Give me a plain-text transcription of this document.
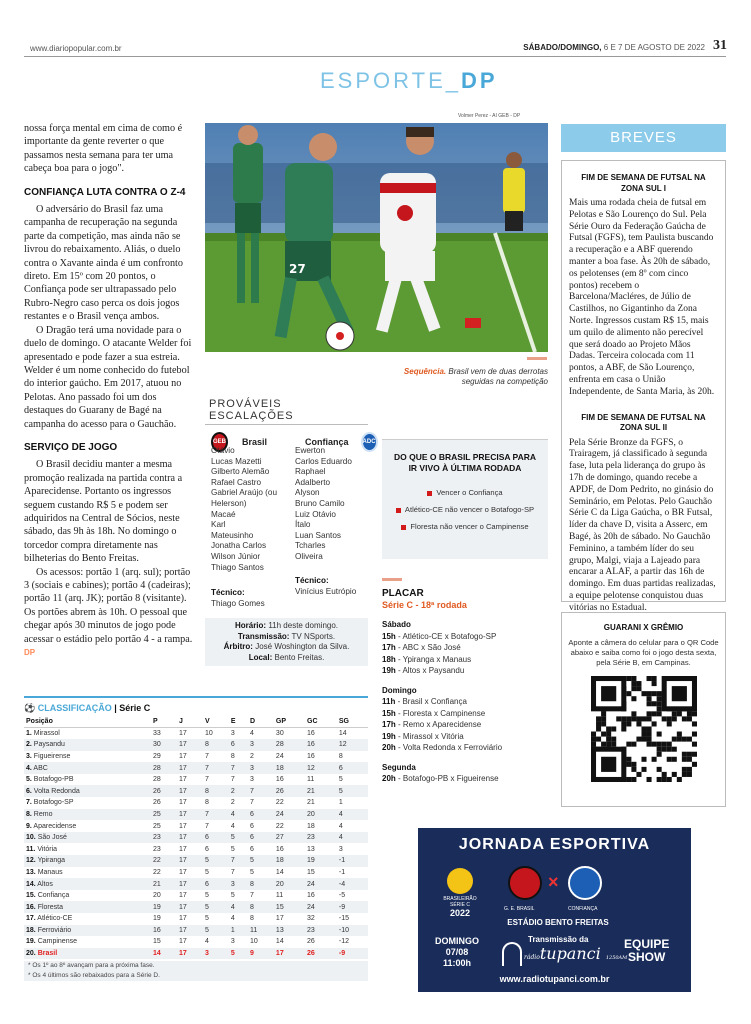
www.diariopopular.com.br	SÁBADO/DOMINGO, 6 E 7 DE AGOSTO DE 2022 31
ESPORTE_DP
nossa força mental em cima de como é importante da gente reverter o que passamos nesta semana para ter uma cabeça boa para o jogo".
CONFIANÇA LUTA CONTRA O Z-4

O adversário do Brasil faz uma campanha de recuperação na segunda parte da competição, mas ainda não se livrou do rebaixamento. Aliás, o duelo contra o Xavante ainda é um confronto direto. Em 15º com 20 pontos, o Confiança pode ser ultrapassado pelo Rubro-Negro caso perca os dois jogos restantes e o Brasil vença ambos.

O Dragão terá uma novidade para o duelo de domingo. O atacante Welder foi apresentado e pode fazer a sua estreia. Welder é um nome conhecido do futebol do interior gaúcho. Em 2017, atuou no Pelotas. Ano passado foi um dos destaques do Guarany de Bagé na campanha do acesso para o Gauchão.

SERVIÇO DE JOGO

O Brasil decidiu manter a mesma promoção realizada na partida contra a Aparecidense. Portanto os ingressos seguem custando R$ 5 e podem ser adquiridos na Central de Sócios, neste sábado, das 9h às 18h. No domingo o torcedor compra diretamente nas bilheterias do Bento Freitas.

Os acessos: portão 1 (arq. sul); portão 3 (sociais e cabines); portão 4 (cadeiras); portão 11 (arq. JK); portão 8 (visitante). Os portões abrem às 10h. O pessoal que chegar após 30 minutos de jogo pode acessar o estádio pelo portão 4 - a rampa. DP

Volmer Perez - AI GEB - DP
27
Sequência. Brasil vem de duas derrotas seguidas na competição
PROVÁVEIS ESCALAÇÕES
GEB Brasil	Confiança	ADC
Otávio
Lucas Mazetti
Gilberto Alemão
Rafael Castro
Gabriel Araújo (ou
Helerson)
Macaé
Karl
Mateusinho
Jonatha Carlos
Wilson Júnior
Thiago Santos
Ewerton
Carlos Eduardo
Raphael
Adalberto
Alyson
Bruno Camilo
Luiz Otávio
Ítalo
Luan Santos
Tcharles
Oliveira
Técnico:
Vinícius Eutrópio
Técnico:
Thiago Gomes
Horário: 11h deste domingo.
Transmissão: TV NSports.
Árbitro: José Woshington da Silva.
Local: Bento Freitas.
DO QUE O BRASIL PRECISA PARA IR VIVO À ÚLTIMA RODADA
Vencer o Confiança
Atlético-CE não vencer o Botafogo-SP
Floresta não vencer o Campinense
PLACAR
Série C - 18ª rodada
Sábado
15h - Atlético-CE x Botafogo-SP
17h - ABC x São José
18h - Ypiranga x Manaus
19h - Altos x Paysandu
Domingo
11h - Brasil x Confiança
15h - Floresta x Campinense
17h - Remo x Aparecidense
19h - Mirassol x Vitória
20h - Volta Redonda x Ferroviário
Segunda
20h - Botafogo-PB x Figueirense
BREVES
FIM DE SEMANA DE FUTSAL NA ZONA SUL I

Mais uma rodada cheia de futsal em Pelotas e São Lourenço do Sul. Pela Série Ouro da Federação Gaúcha de Futsal (FGFS), tem Paulista buscando a recuperação e a ABF querendo manter a boa fase. Às 20h de sábado, os pelotenses (em 8º com cinco pontos) recebem o Barcelona/Macléres, de Júlio de Castilhos, no Gigantinho da Zona Norte. Ingressos custam R$ 15, mais um quilo de alimento não perecível que será doado ao Projeto Mãos Dadas. Terceira colocada com 11 pontos, a ABF, de São Lourenço, enfrenta em casa o União Independente, de Santa Maria, às 20h.

FIM DE SEMANA DE FUTSAL NA ZONA SUL II

Pela Série Bronze da FGFS, o Trairagem, já classificado à segunda fase, luta pela liderança do grupo às 17h de domingo, quando recebe a APDF, de Dom Pedrito, no ginásio do Seminário, em Pelotas. Pelo Gauchão Série C da Liga Gaúcha, o BR Futsal, líder da chave D, visita a Asserc, em Bagé, às 20h de sábado. No Gauchão Feminino, a também líder do seu grupo, Malgi, viaja a Lajeado para encarar a ALAF, a partir das 16h de domingo. Em duas partidas realizadas, a equipe pelotense conquistou duas vitórias no Estadual.

GUARANI X GRÊMIO

Aponte a câmera do celular para o QR Code abaixo e saiba como foi o jogo desta sexta, pela Série B, em Campinas.

⚽ CLASSIFICAÇÃO | Série C
Posição	P	J	V	E	D	GP	GC	SG
1. Mirassol	33	17	10	3	4	30	16	14
2. Paysandu	30	17	8	6	3	28	16	12
3. Figueirense	29	17	7	8	2	24	16	8
4. ABC	28	17	7	7	3	18	12	6
5. Botafogo-PB	28	17	7	7	3	16	11	5
6. Volta Redonda	26	17	8	2	7	26	21	5
7. Botafogo-SP	26	17	8	2	7	22	21	1
8. Remo	25	17	7	4	6	24	20	4
9. Aparecidense	25	17	7	4	6	22	18	4
10. São José	23	17	6	5	6	27	23	4
11. Vitória	23	17	6	5	6	16	13	3
12. Ypiranga	22	17	5	7	5	18	19	-1
13. Manaus	22	17	5	7	5	14	15	-1
14. Altos	21	17	6	3	8	20	24	-4
15. Confiança	20	17	5	5	7	11	16	-5
16. Floresta	19	17	5	4	8	15	24	-9
17. Atlético-CE	19	17	5	4	8	17	32	-15
18. Ferroviário	16	17	5	1	11	13	23	-10
19. Campinense	15	17	4	3	10	14	26	-12
20. Brasil	14	17	3	5	9	17	26	-9
* Os 1º ao 8º avançam para a próxima fase.
* Os 4 últimos são rebaixados para a Série D.
JORNADA ESPORTIVA
BRASILEIRÃO
SÉRIE C
2022
×
G. E. BRASIL	CONFIANÇA
ESTÁDIO BENTO FREITAS
DOMINGO
07/08
11:00h
Transmissão da
rádiotupanci 1250AM
EQUIPE
SHOW
www.radiotupanci.com.br
